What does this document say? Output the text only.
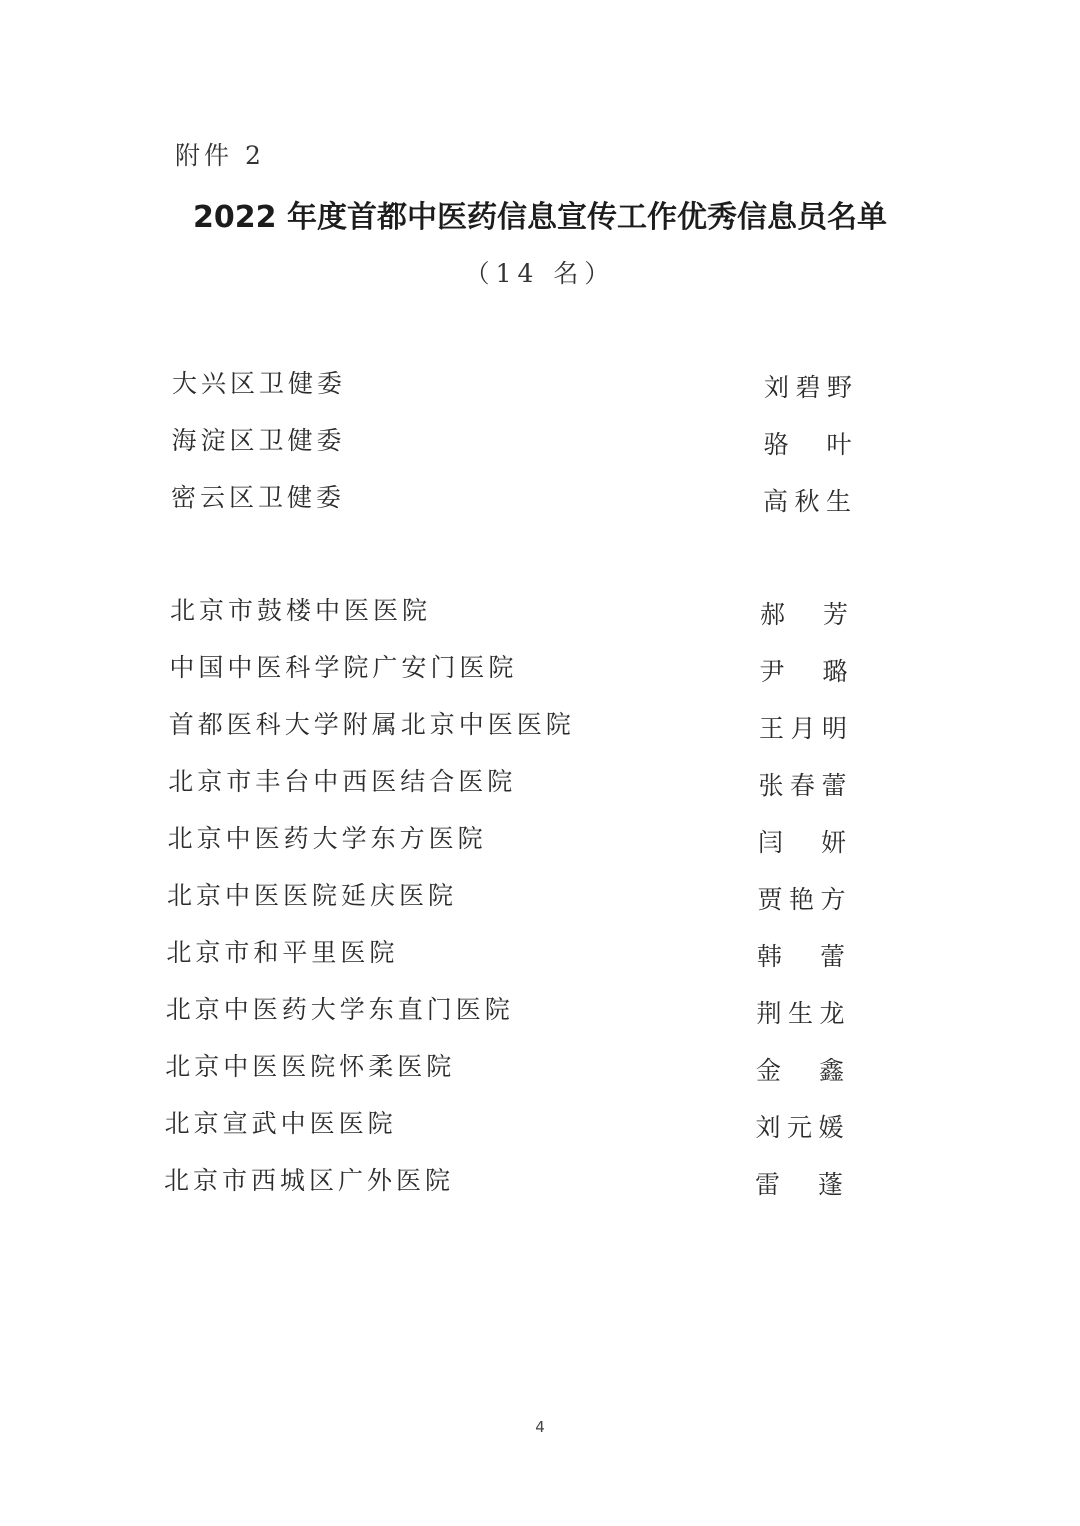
附件 2
2022 年度首都中医药信息宣传工作优秀信息员名单
（14 名）
大兴区卫健委	刘碧野
海淀区卫健委	骆　叶
密云区卫健委	高秋生
北京市鼓楼中医医院	郝　芳
中国中医科学院广安门医院	尹　璐
首都医科大学附属北京中医医院	王月明
北京市丰台中西医结合医院	张春蕾
北京中医药大学东方医院	闫　妍
北京中医医院延庆医院	贾艳方
北京市和平里医院	韩　蕾
北京中医药大学东直门医院	荆生龙
北京中医医院怀柔医院	金　鑫
北京宣武中医医院	刘元媛
北京市西城区广外医院	雷　蓬
4
